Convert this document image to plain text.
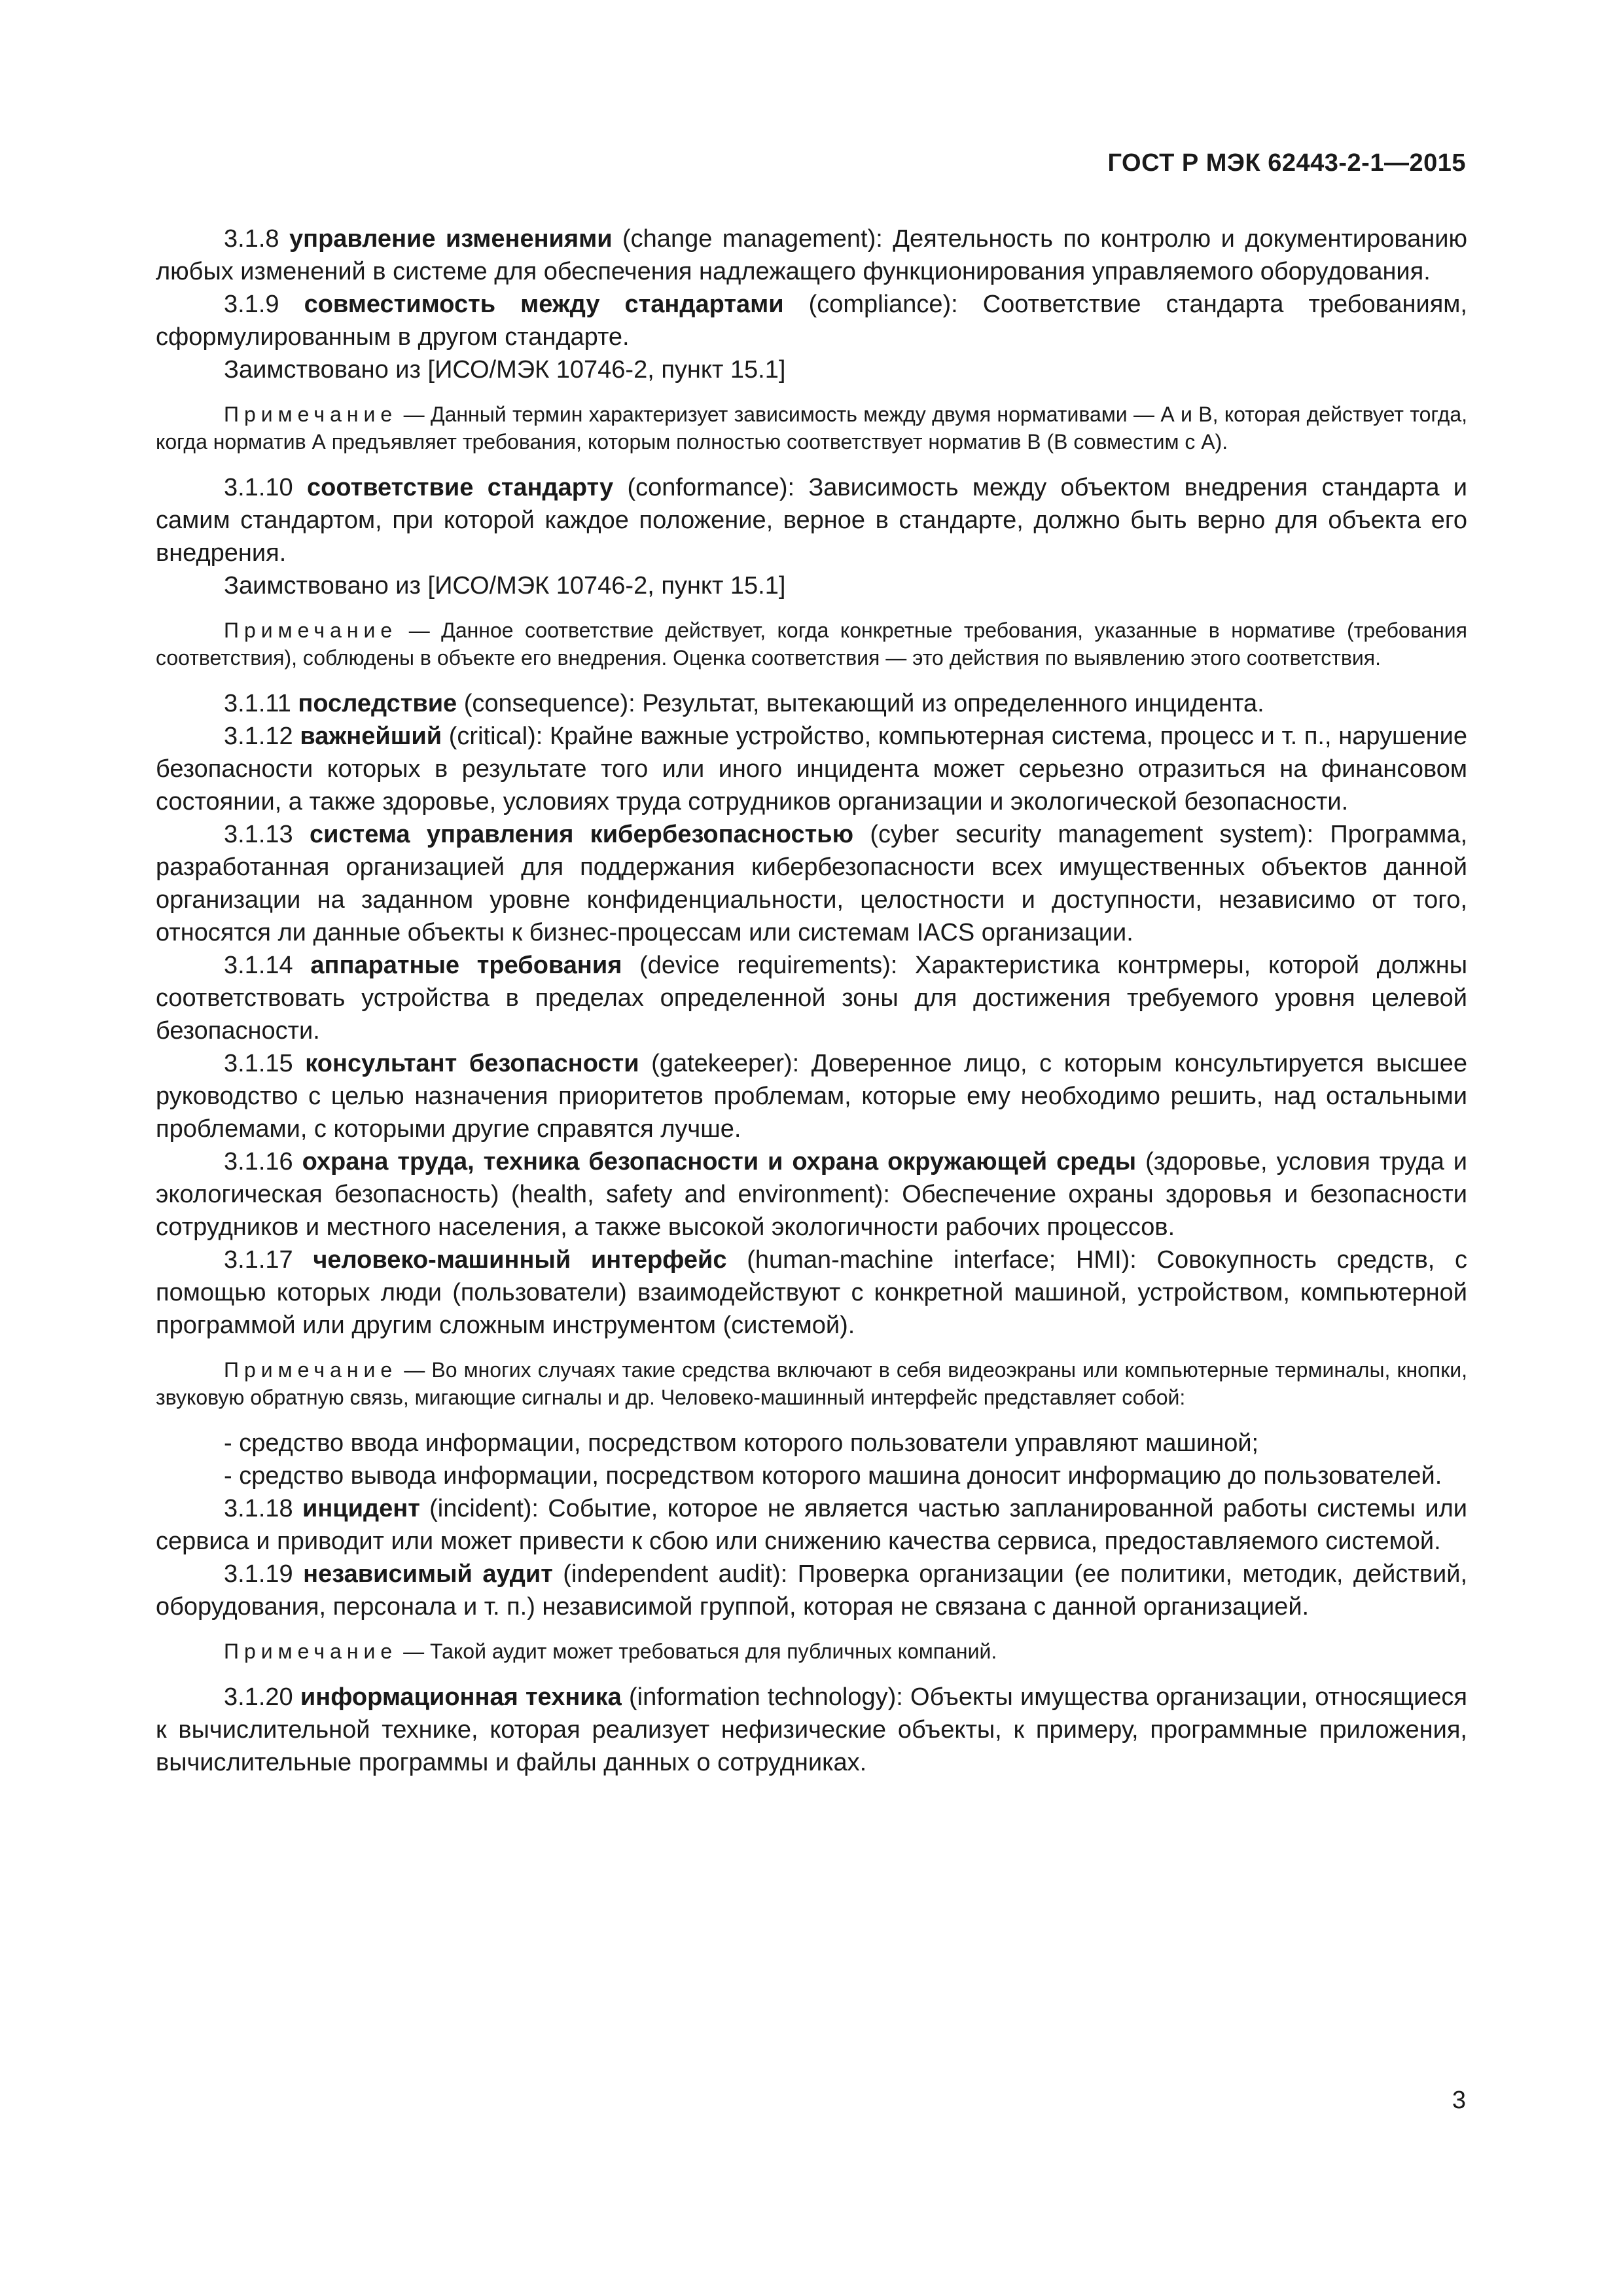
ГОСТ Р МЭК 62443-2-1—2015

3.1.8 управление изменениями (change management): Деятельность по контролю и документированию любых изменений в системе для обеспечения надлежащего функционирования управляемого оборудования.

3.1.9 совместимость между стандартами (compliance): Соответствие стандарта требованиям, сформулированным в другом стандарте.

Заимствовано из [ИСО/МЭК 10746-2, пункт 15.1]

Примечание — Данный термин характеризует зависимость между двумя нормативами — А и В, которая действует тогда, когда норматив А предъявляет требования, которым полностью соответствует норматив В (В совместим с А).

3.1.10 соответствие стандарту (conformance): Зависимость между объектом внедрения стандарта и самим стандартом, при которой каждое положение, верное в стандарте, должно быть верно для объекта его внедрения.

Заимствовано из [ИСО/МЭК 10746-2, пункт 15.1]

Примечание — Данное соответствие действует, когда конкретные требования, указанные в нормативе (требования соответствия), соблюдены в объекте его внедрения. Оценка соответствия — это действия по выявлению этого соответствия.

3.1.11 последствие (consequence): Результат, вытекающий из определенного инцидента.

3.1.12 важнейший (critical): Крайне важные устройство, компьютерная система, процесс и т. п., нарушение безопасности которых в результате того или иного инцидента может серьезно отразиться на финансовом состоянии, а также здоровье, условиях труда сотрудников организации и экологической безопасности.

3.1.13 система управления кибербезопасностью (cyber security management system): Программа, разработанная организацией для поддержания кибербезопасности всех имущественных объектов данной организации на заданном уровне конфиденциальности, целостности и доступности, независимо от того, относятся ли данные объекты к бизнес-процессам или системам IACS организации.

3.1.14 аппаратные требования (device requirements): Характеристика контрмеры, которой должны соответствовать устройства в пределах определенной зоны для достижения требуемого уровня целевой безопасности.

3.1.15 консультант безопасности (gatekeeper): Доверенное лицо, с которым консультируется высшее руководство с целью назначения приоритетов проблемам, которые ему необходимо решить, над остальными проблемами, с которыми другие справятся лучше.

3.1.16 охрана труда, техника безопасности и охрана окружающей среды (здоровье, условия труда и экологическая безопасность) (health, safety and environment): Обеспечение охраны здоровья и безопасности сотрудников и местного населения, а также высокой экологичности рабочих процессов.

3.1.17 человеко-машинный интерфейс (human-machine interface; HMI): Совокупность средств, с помощью которых люди (пользователи) взаимодействуют с конкретной машиной, устройством, компьютерной программой или другим сложным инструментом (системой).

Примечание — Во многих случаях такие средства включают в себя видеоэкраны или компьютерные терминалы, кнопки, звуковую обратную связь, мигающие сигналы и др. Человеко-машинный интерфейс представляет собой:

- средство ввода информации, посредством которого пользователи управляют машиной;

- средство вывода информации, посредством которого машина доносит информацию до пользователей.

3.1.18 инцидент (incident): Событие, которое не является частью запланированной работы системы или сервиса и приводит или может привести к сбою или снижению качества сервиса, предоставляемого системой.

3.1.19 независимый аудит (independent audit): Проверка организации (ее политики, методик, действий, оборудования, персонала и т. п.) независимой группой, которая не связана с данной организацией.

Примечание — Такой аудит может требоваться для публичных компаний.

3.1.20 информационная техника (information technology): Объекты имущества организации, относящиеся к вычислительной технике, которая реализует нефизические объекты, к примеру, программные приложения, вычислительные программы и файлы данных о сотрудниках.

3
